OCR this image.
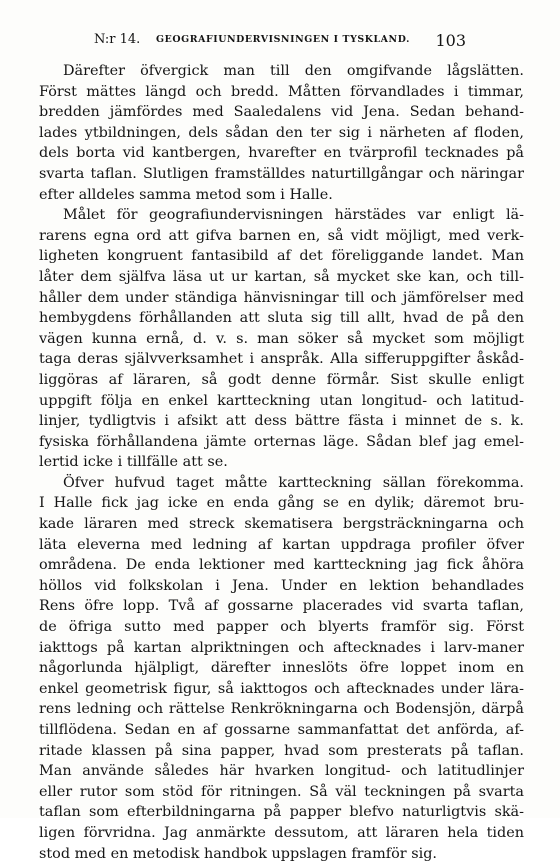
N:r 14. GEOGRAFIUNDERVISNINGEN I TYSKLAND. 103
Därefter öfvergick man till den omgifvande lågslätten.
Först mättes längd och bredd. Måtten förvandlades i timmar,
bredden jämfördes med Saaledalens vid Jena. Sedan behand-
lades ytbildningen, dels sådan den ter sig i närheten af floden,
dels borta vid kantbergen, hvarefter en tvärprofil tecknades på
svarta taflan. Slutligen framställdes naturtillgångar och näringar
efter alldeles samma metod som i Halle.
Målet för geografiundervisningen härstädes var enligt lä-
rarens egna ord att gifva barnen en, så vidt möjligt, med verk-
ligheten kongruent fantasibild af det föreliggande landet. Man
låter dem själfva läsa ut ur kartan, så mycket ske kan, och till-
håller dem under ständiga hänvisningar till och jämförelser med
hembygdens förhållanden att sluta sig till allt, hvad de på den
vägen kunna ernå, d. v. s. man söker så mycket som möjligt
taga deras självverksamhet i anspråk. Alla sifferuppgifter åskåd-
liggöras af läraren, så godt denne förmår. Sist skulle enligt
uppgift följa en enkel kartteckning utan longitud- och latitud-
linjer, tydligtvis i afsikt att dess bättre fästa i minnet de s. k.
fysiska förhållandena jämte orternas läge. Sådan blef jag emel-
lertid icke i tillfälle att se.
Öfver hufvud taget måtte kartteckning sällan förekomma.
I Halle fick jag icke en enda gång se en dylik; däremot bru-
kade läraren med streck skematisera bergsträckningarna och
läta eleverna med ledning af kartan uppdraga profiler öfver
områdena. De enda lektioner med kartteckning jag fick åhöra
höllos vid folkskolan i Jena. Under en lektion behandlades
Rens öfre lopp. Två af gossarne placerades vid svarta taflan,
de öfriga sutto med papper och blyerts framför sig. Först
iakttogs på kartan alpriktningen och aftecknades i larv-maner
någorlunda hjälpligt, därefter inneslöts öfre loppet inom en
enkel geometrisk figur, så iakttogos och aftecknades under lära-
rens ledning och rättelse Renkrökningarna och Bodensjön, därpå
tillflödena. Sedan en af gossarne sammanfattat det anförda, af-
ritade klassen på sina papper, hvad som presterats på taflan.
Man använde således här hvarken longitud- och latitudlinjer
eller rutor som stöd för ritningen. Så väl teckningen på svarta
taflan som efterbildningarna på papper blefvo naturligtvis skä-
ligen förvridna. Jag anmärkte dessutom, att läraren hela tiden
stod med en metodisk handbok uppslagen framför sig.
